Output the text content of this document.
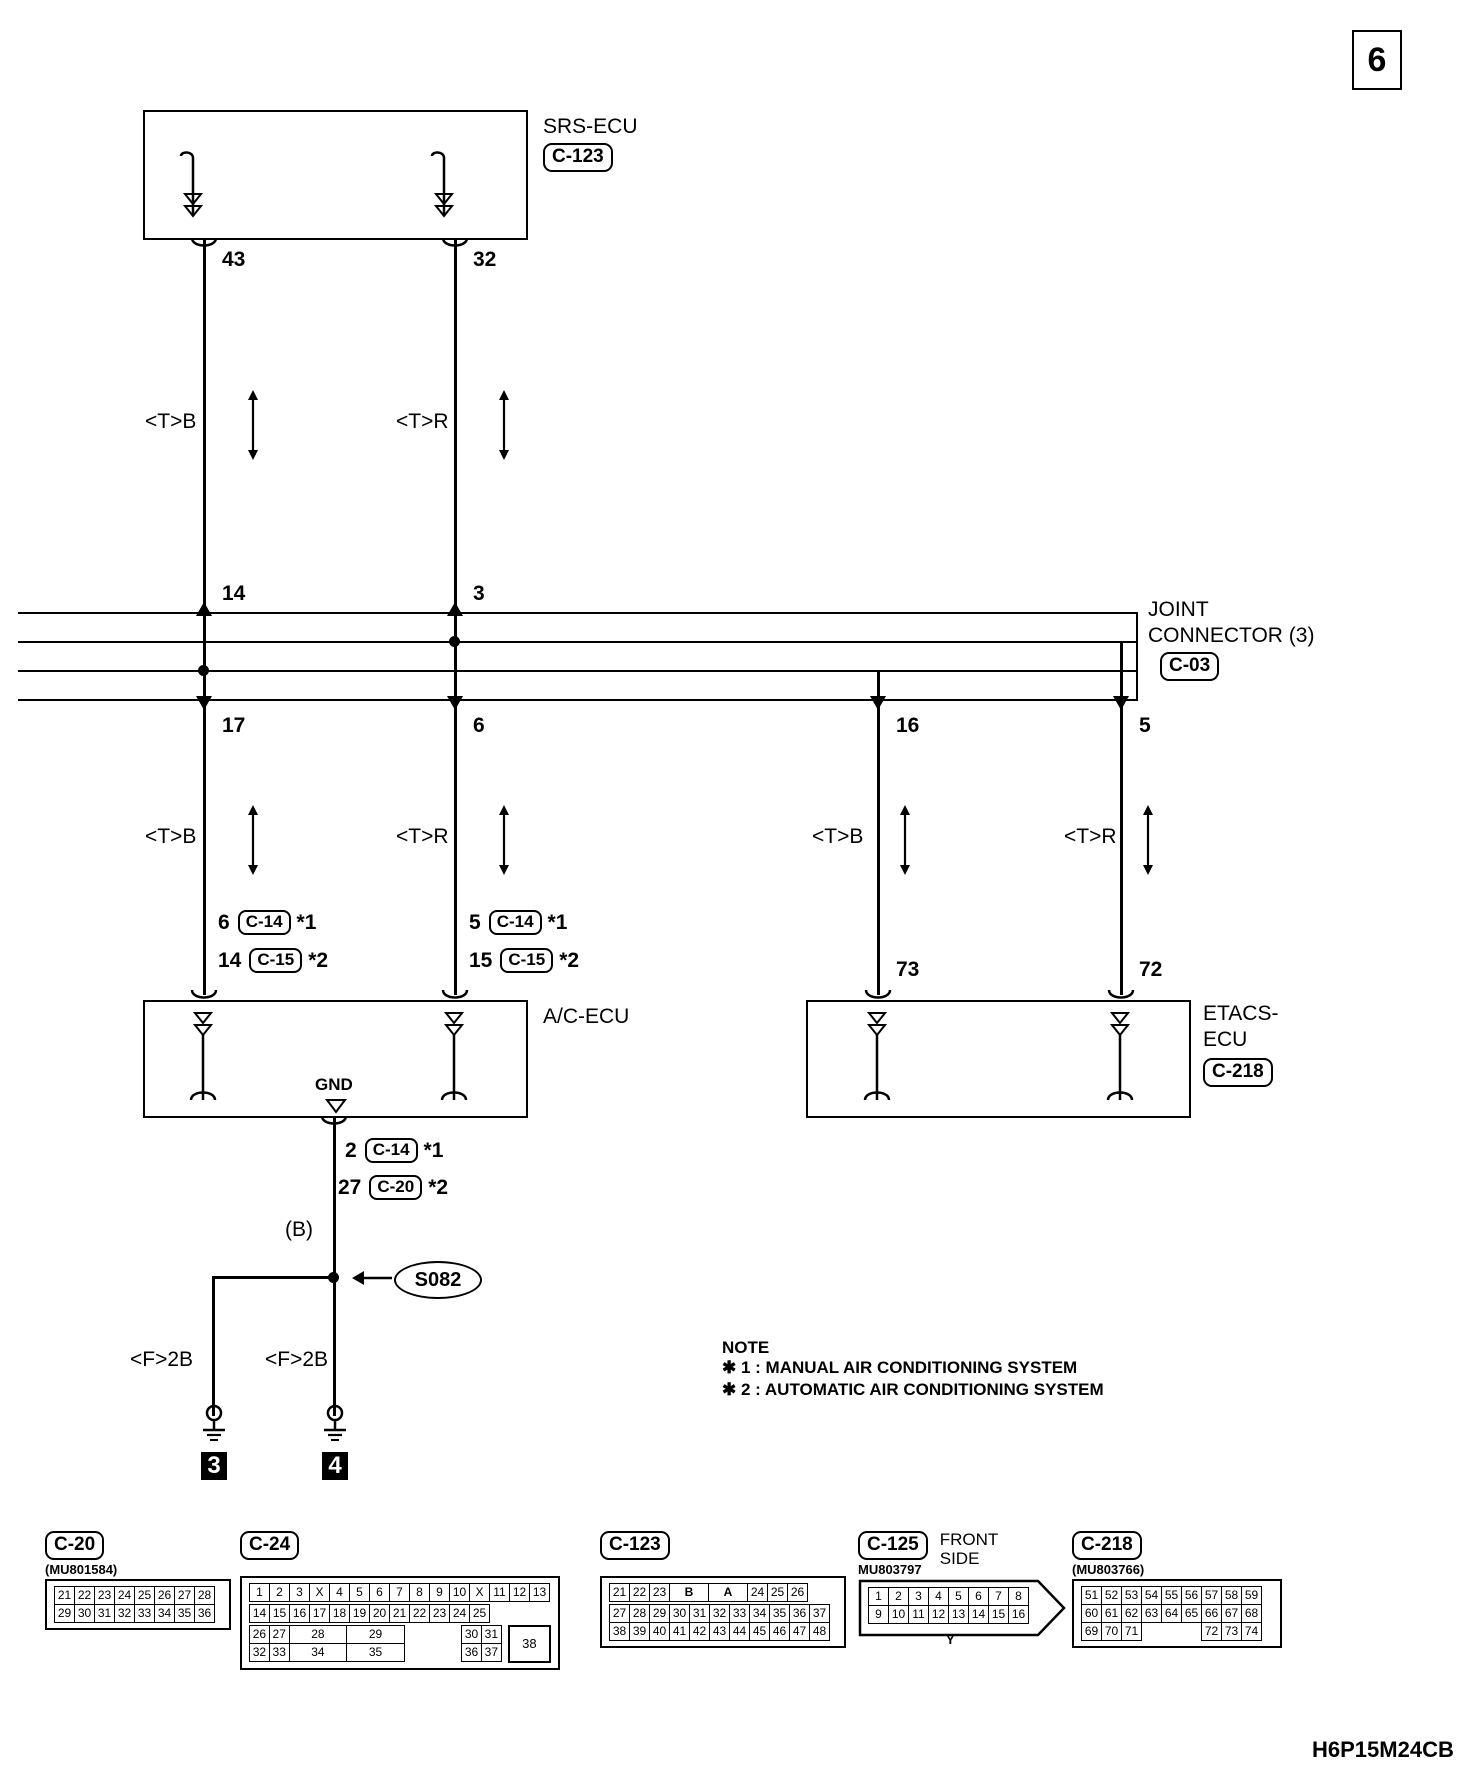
6
SRS-ECU
C-123
43	32
<T>B	<T>R
14	3
JOINT
CONNECTOR (3)
C-03
17	6	16	5
<T>B	<T>R	<T>B	<T>R
6 C-14 *1
14 C-15 *2
5 C-14 *1
15 C-15 *2	73	72
A/C-ECU
GND
ETACS-
ECU
C-218
2 C-14 *1
27 C-20 *2
(B)
S082
<F>2B	<F>2B
3	4
NOTE
✱ 1 : MANUAL AIR CONDITIONING SYSTEM
✱ 2 : AUTOMATIC AIR CONDITIONING SYSTEM
C-20
(MU801584)
21	22	23	24	25	26	27	28
29	30	31	32	33	34	35	36
C-24
1	2	3	X	4	5	6	7	8	9	10	X	11	12	13
14	15	16	17	18	19	20	21	22	23	24	25
26	27	28	29		30	31
32	33	34	35		36	37
38
C-123
21	22	23	B	A	24	25	26
27	28	29	30	31	32	33	34	35	36	37
38	39	40	41	42	43	44	45	46	47	48
C-125
MU803797
FRONT
SIDE
1	2	3	4	5	6	7	8
9	10	11	12	13	14	15	16
Y
C-218
(MU803766)
51	52	53	54	55	56	57	58	59
60	61	62	63	64	65	66	67	68
69	70	71				72	73	74
H6P15M24CB
